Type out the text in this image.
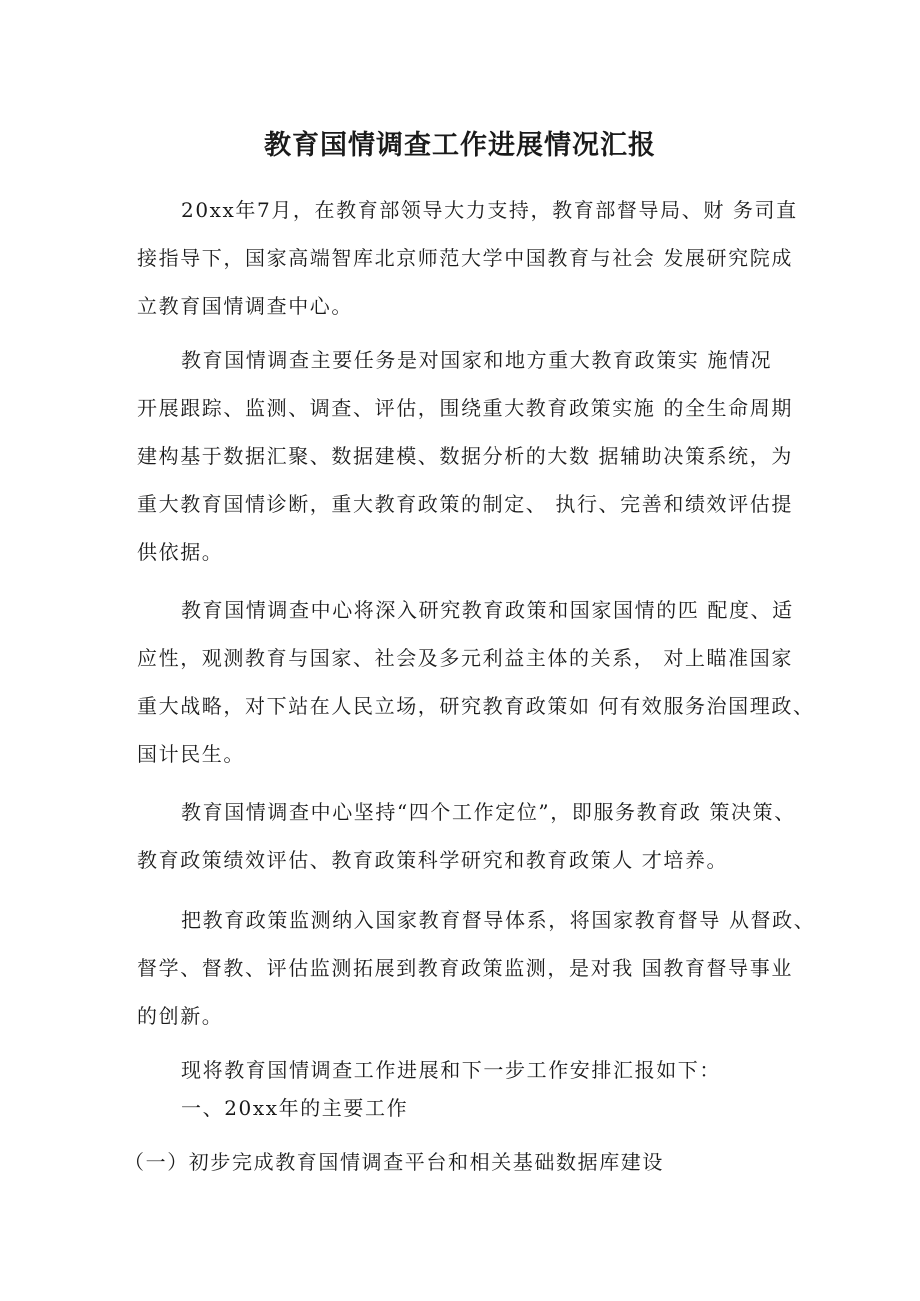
教育国情调查工作进展情况汇报
20xx年7月，在教育部领导大力支持，教育部督导局、财 务司直
接指导下，国家高端智库北京师范大学中国教育与社会 发展研究院成
立教育国情调查中心。
教育国情调查主要任务是对国家和地方重大教育政策实 施情况
开展跟踪、监测、调查、评估，围绕重大教育政策实施 的全生命周期
建构基于数据汇聚、数据建模、数据分析的大数 据辅助决策系统，为
重大教育国情诊断，重大教育政策的制定、 执行、完善和绩效评估提
供依据。
教育国情调查中心将深入研究教育政策和国家国情的匹 配度、适
应性，观测教育与国家、社会及多元利益主体的关系， 对上瞄准国家
重大战略，对下站在人民立场，研究教育政策如 何有效服务治国理政、
国计民生。
教育国情调查中心坚持“四个工作定位”，即服务教育政 策决策、
教育政策绩效评估、教育政策科学研究和教育政策人 才培养。
把教育政策监测纳入国家教育督导体系，将国家教育督导 从督政、
督学、督教、评估监测拓展到教育政策监测，是对我 国教育督导事业
的创新。

现将教育国情调查工作进展和下一步工作安排汇报如下：

一、20xx年的主要工作

（一）初步完成教育国情调查平台和相关基础数据库建设
